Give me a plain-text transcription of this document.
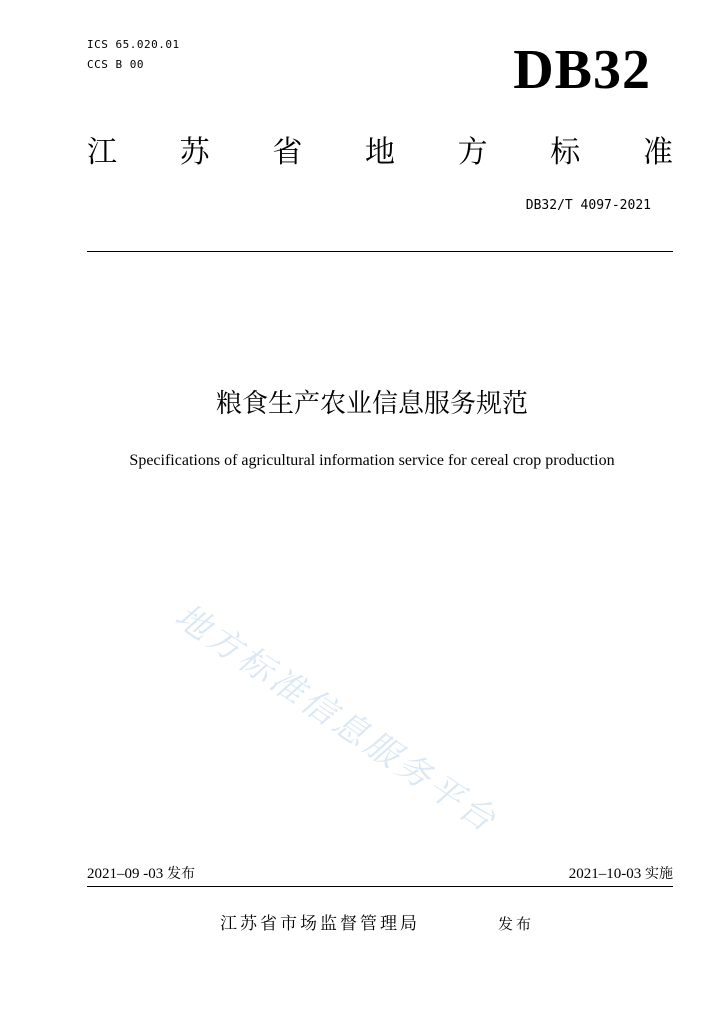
ICS 65.020.01
CCS B 00	DB32
江 苏 省 地 方 标 准
DB32/T 4097-2021
粮食生产农业信息服务规范
Specifications of agricultural information service for cereal crop production
地方标准信息服务平台
2021–09 -03 发布	2021–10-03 实施
江苏省市场监督管理局	发布
